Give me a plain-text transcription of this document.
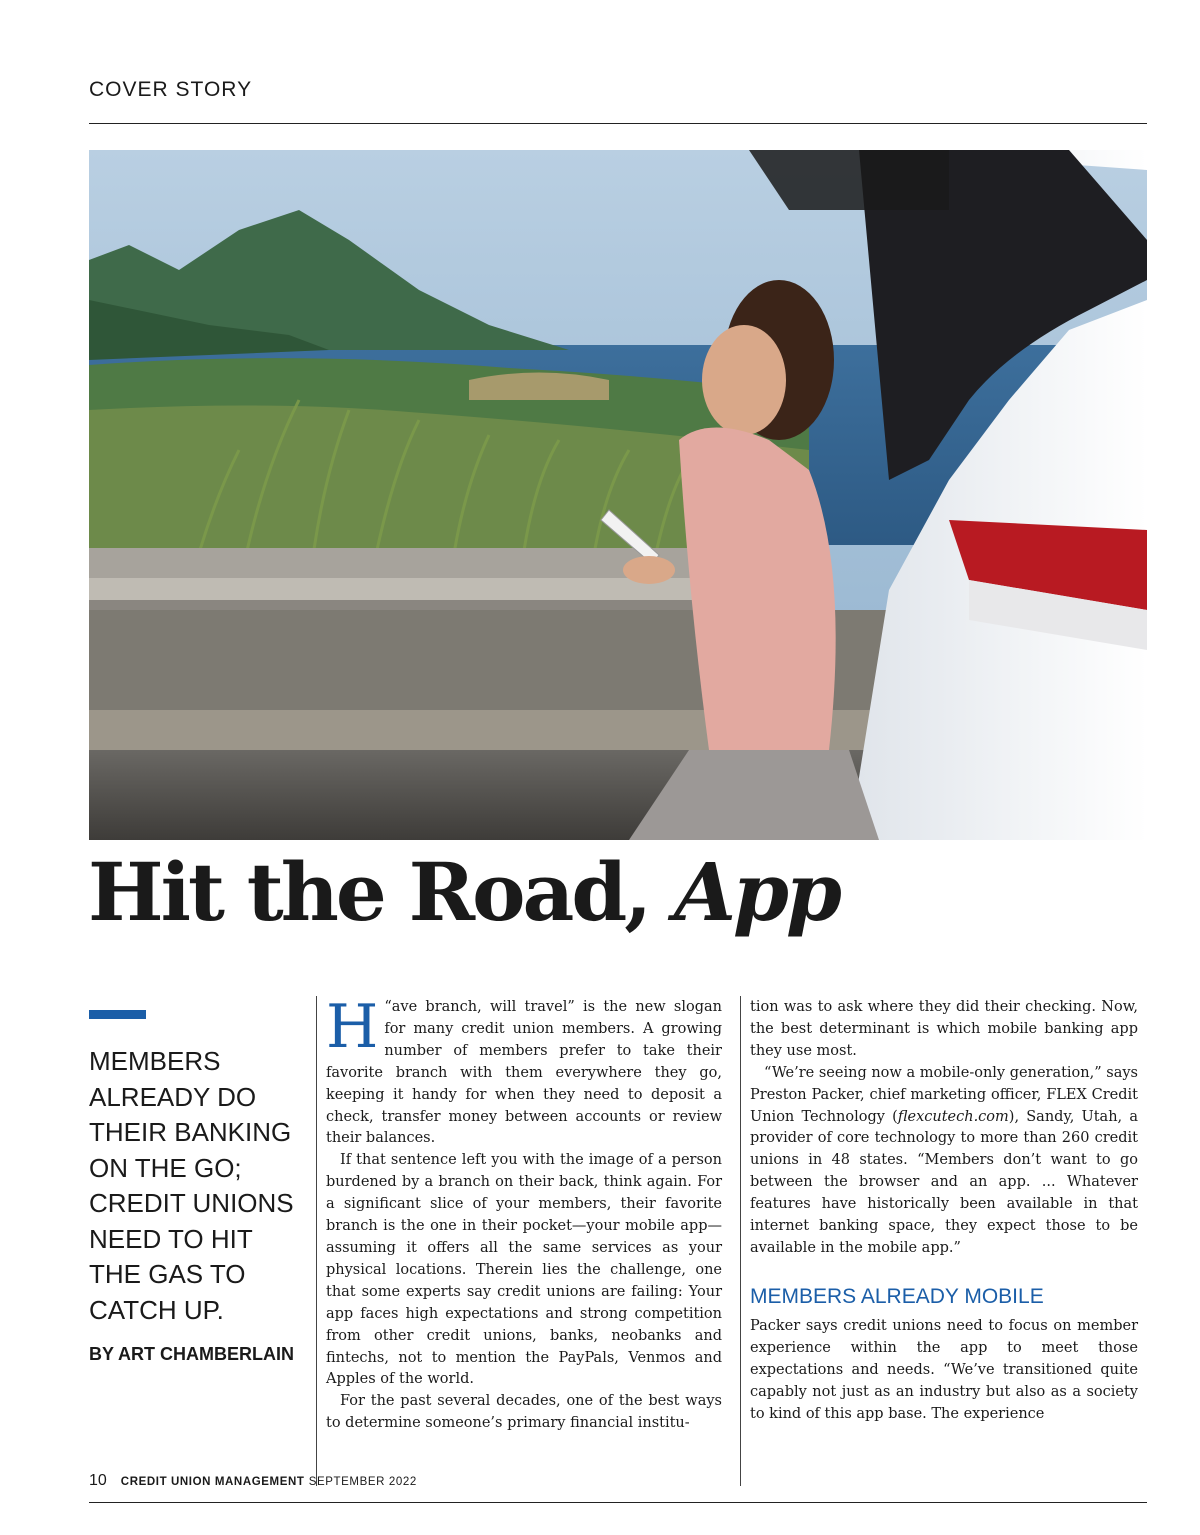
COVER STORY
Hit the Road, App
MEMBERS ALREADY DO THEIR BANKING ON THE GO; CREDIT UNIONS NEED TO HIT THE GAS TO CATCH UP.
BY ART CHAMBERLAIN

“
H ave branch, will travel” is the new slogan for many credit union members. A growing number of members prefer to take their favorite branch with them everywhere they go, keeping it handy for when they need to deposit a check, transfer money between accounts or review their balances.

If that sentence left you with the image of a person burdened by a branch on their back, think again. For a significant slice of your members, their favorite branch is the one in their pocket—your mobile app—assuming it offers all the same services as your physical locations. Therein lies the challenge, one that some experts say credit unions are failing: Your app faces high expectations and strong competition from other credit unions, banks, neobanks and fintechs, not to mention the PayPals, Venmos and Apples of the world.

For the past several decades, one of the best ways to determine someone’s primary financial institu-

tion was to ask where they did their checking. Now, the best determinant is which mobile banking app they use most.

“We’re seeing now a mobile-only generation,” says Preston Packer, chief marketing officer, FLEX Credit Union Technology (flexcutech.com), Sandy, Utah, a provider of core technology to more than 260 credit unions in 48 states. “Members don’t want to go between the browser and an app. ... Whatever features have historically been available in that internet banking space, they expect those to be available in the mobile app.”

MEMBERS ALREADY MOBILE

Packer says credit unions need to focus on member experience within the app to meet those expectations and needs. “We’ve transitioned quite capably not just as an industry but also as a society to kind of this app base. The experience

10 CREDIT UNION MANAGEMENT SEPTEMBER 2022
